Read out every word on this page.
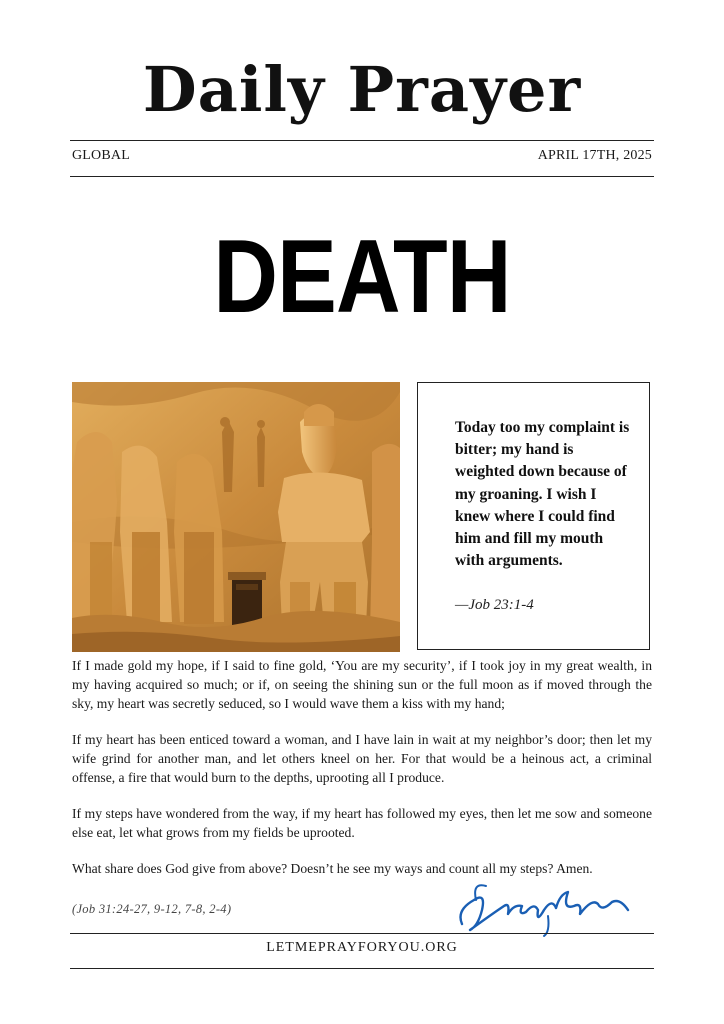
Daily Prayer
GLOBAL	APRIL 17TH, 2025
DEATH
Today too my complaint is bitter; my hand is weighted down because of my groaning. I wish I knew where I could find him and fill my mouth with arguments.
—Job 23:1-4

If I made gold my hope, if I said to fine gold, ‘You are my security’, if I took joy in my great wealth, in my having acquired so much; or if, on seeing the shining sun or the full moon as if moved through the sky, my heart was secretly seduced, so I would wave them a kiss with my hand;

If my heart has been enticed toward a woman, and I have lain in wait at my neighbor’s door; then let my wife grind for another man, and let others kneel on her. For that would be a heinous act, a criminal offense, a fire that would burn to the depths, uprooting all I produce.

If my steps have wondered from the way, if my heart has followed my eyes, then let me sow and someone else eat, let what grows from my fields be uprooted.

What share does God give from above? Doesn’t he see my ways and count all my steps? Amen.

(Job 31:24-27, 9-12, 7-8, 2-4)
LETMEPRAYFORYOU.ORG
